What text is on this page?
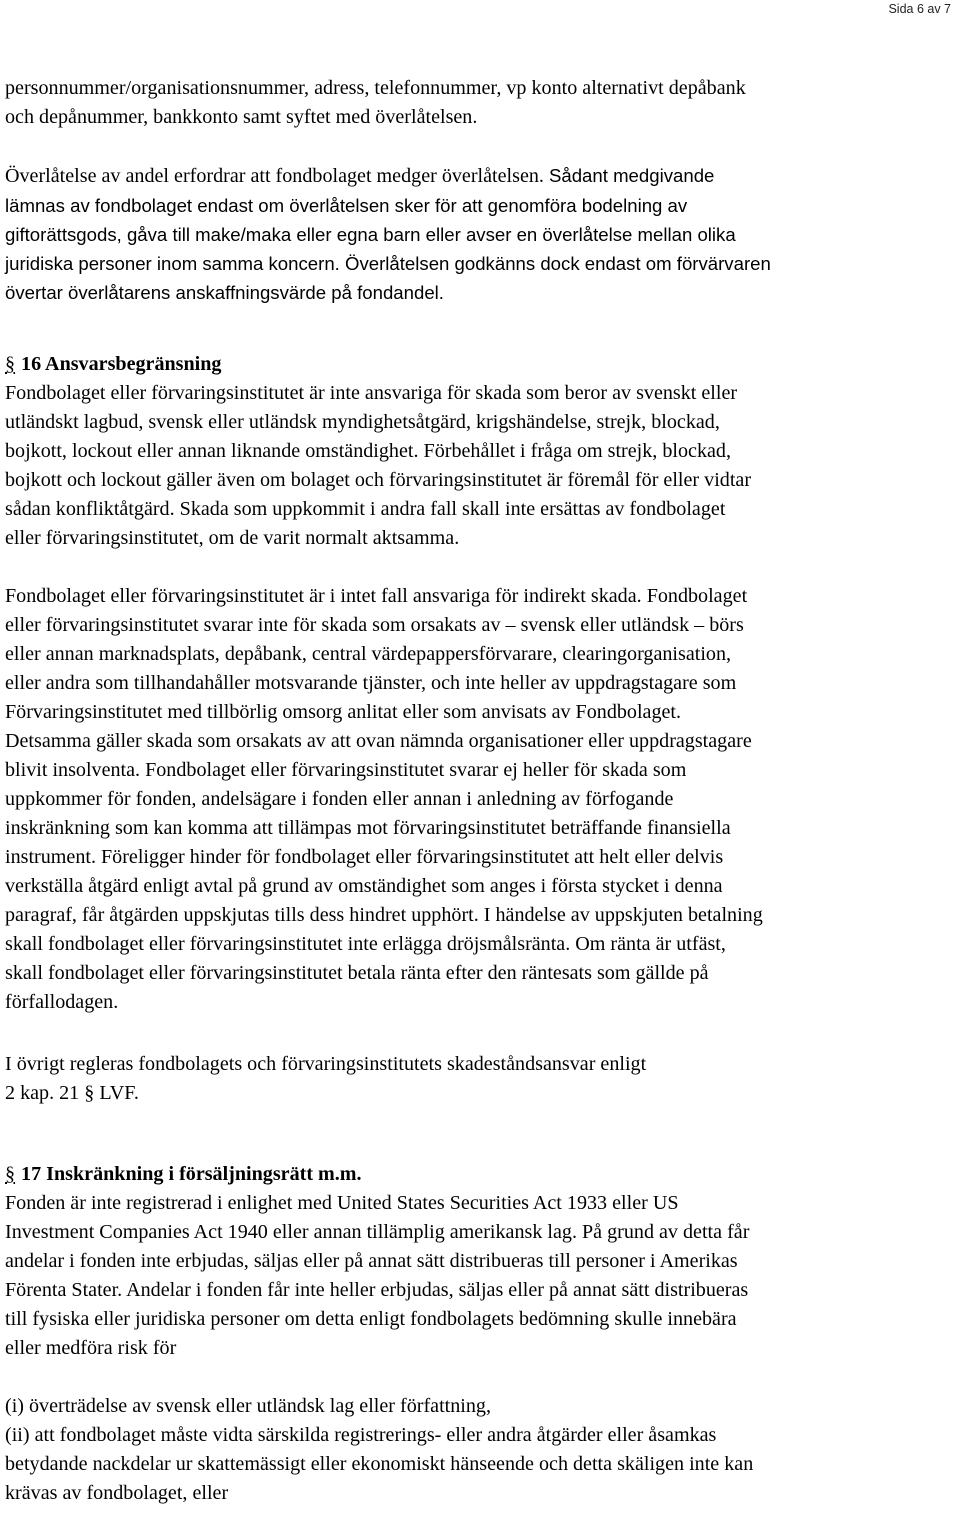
Sida 6 av 7
personnummer/organisationsnummer, adress, telefonnummer, vp konto alternativt depåbank
och depånummer, bankkonto samt syftet med överlåtelsen.
Överlåtelse av andel erfordrar att fondbolaget medger överlåtelsen. Sådant medgivande
lämnas av fondbolaget endast om överlåtelsen sker för att genomföra bodelning av
giftorättsgods, gåva till make/maka eller egna barn eller avser en överlåtelse mellan olika
juridiska personer inom samma koncern. Överlåtelsen godkänns dock endast om förvärvaren
övertar överlåtarens anskaffningsvärde på fondandel.
§ 16 Ansvarsbegränsning
Fondbolaget eller förvaringsinstitutet är inte ansvariga för skada som beror av svenskt eller
utländskt lagbud, svensk eller utländsk myndighetsåtgärd, krigshändelse, strejk, blockad,
bojkott, lockout eller annan liknande omständighet. Förbehållet i fråga om strejk, blockad,
bojkott och lockout gäller även om bolaget och förvaringsinstitutet är föremål för eller vidtar
sådan konfliktåtgärd. Skada som uppkommit i andra fall skall inte ersättas av fondbolaget
eller förvaringsinstitutet, om de varit normalt aktsamma.
Fondbolaget eller förvaringsinstitutet är i intet fall ansvariga för indirekt skada. Fondbolaget
eller förvaringsinstitutet svarar inte för skada som orsakats av – svensk eller utländsk – börs
eller annan marknadsplats, depåbank, central värdepappersförvarare, clearingorganisation,
eller andra som tillhandahåller motsvarande tjänster, och inte heller av uppdragstagare som
Förvaringsinstitutet med tillbörlig omsorg anlitat eller som anvisats av Fondbolaget.
Detsamma gäller skada som orsakats av att ovan nämnda organisationer eller uppdragstagare
blivit insolventa. Fondbolaget eller förvaringsinstitutet svarar ej heller för skada som
uppkommer för fonden, andelsägare i fonden eller annan i anledning av förfogande
inskränkning som kan komma att tillämpas mot förvaringsinstitutet beträffande finansiella
instrument. Föreligger hinder för fondbolaget eller förvaringsinstitutet att helt eller delvis
verkställa åtgärd enligt avtal på grund av omständighet som anges i första stycket i denna
paragraf, får åtgärden uppskjutas tills dess hindret upphört. I händelse av uppskjuten betalning
skall fondbolaget eller förvaringsinstitutet inte erlägga dröjsmålsränta. Om ränta är utfäst,
skall fondbolaget eller förvaringsinstitutet betala ränta efter den räntesats som gällde på
förfallodagen.
I övrigt regleras fondbolagets och förvaringsinstitutets skadeståndsansvar enligt
2 kap. 21 § LVF.
§ 17 Inskränkning i försäljningsrätt m.m.
Fonden är inte registrerad i enlighet med United States Securities Act 1933 eller US
Investment Companies Act 1940 eller annan tillämplig amerikansk lag. På grund av detta får
andelar i fonden inte erbjudas, säljas eller på annat sätt distribueras till personer i Amerikas
Förenta Stater. Andelar i fonden får inte heller erbjudas, säljas eller på annat sätt distribueras
till fysiska eller juridiska personer om detta enligt fondbolagets bedömning skulle innebära
eller medföra risk för
(i) överträdelse av svensk eller utländsk lag eller författning,
(ii) att fondbolaget måste vidta särskilda registrerings- eller andra åtgärder eller åsamkas
betydande nackdelar ur skattemässigt eller ekonomiskt hänseende och detta skäligen inte kan
krävas av fondbolaget, eller
